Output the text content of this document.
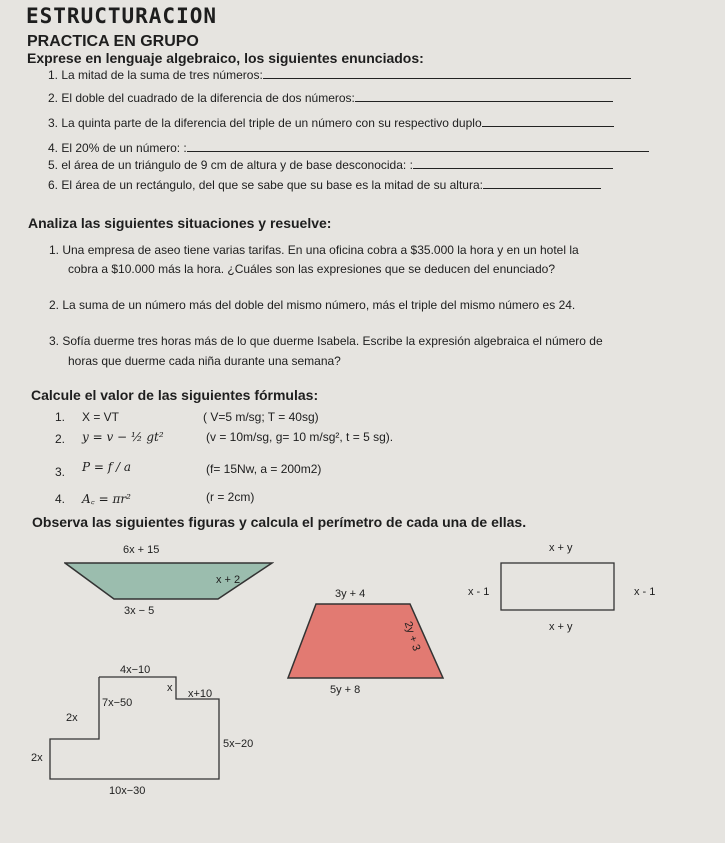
ESTRUCTURACION
PRACTICA EN GRUPO
Exprese en lenguaje algebraico, los siguientes enunciados:
1. La mitad de la suma de tres números:
2. El doble del cuadrado de la diferencia de dos números:
3. La quinta parte de la diferencia del triple de un número con su respectivo duplo
4. El 20% de un número: :
5. el área de un triángulo de 9 cm de altura y de base desconocida: :
6. El área de un rectángulo, del que se sabe que su base es la mitad de su altura:
Analiza las siguientes situaciones y resuelve:
1. Una empresa de aseo tiene varias tarifas. En una oficina cobra a $35.000 la hora y en un hotel la
cobra a $10.000 más la hora. ¿Cuáles son las expresiones que se deducen del enunciado?
2. La suma de un número más del doble del mismo número, más el triple del mismo número es 24.
3. Sofía duerme tres horas más de lo que duerme Isabela. Escribe la expresión algebraica el número de
horas que duerme cada niña durante una semana?
Calcule el valor de las siguientes fórmulas:
1. X = VT	( V=5 m/sg; T = 40sg)
2. y = v − ½ gt²	(v = 10m/sg, g= 10 m/sg², t = 5 sg).
3. P = f / a	(f= 15Nw, a = 200m2)
4. A꜀ = πr²	(r = 2cm)
Observa las siguientes figuras y calcula el perímetro de cada una de ellas.
6x + 15
x + 2
3x − 5
3y + 4
2y + 3
5y + 8
x + y
x - 1	x - 1
x + y
4x−10
x x+10
7x−50
2x
2x
5x−20
10x−30
